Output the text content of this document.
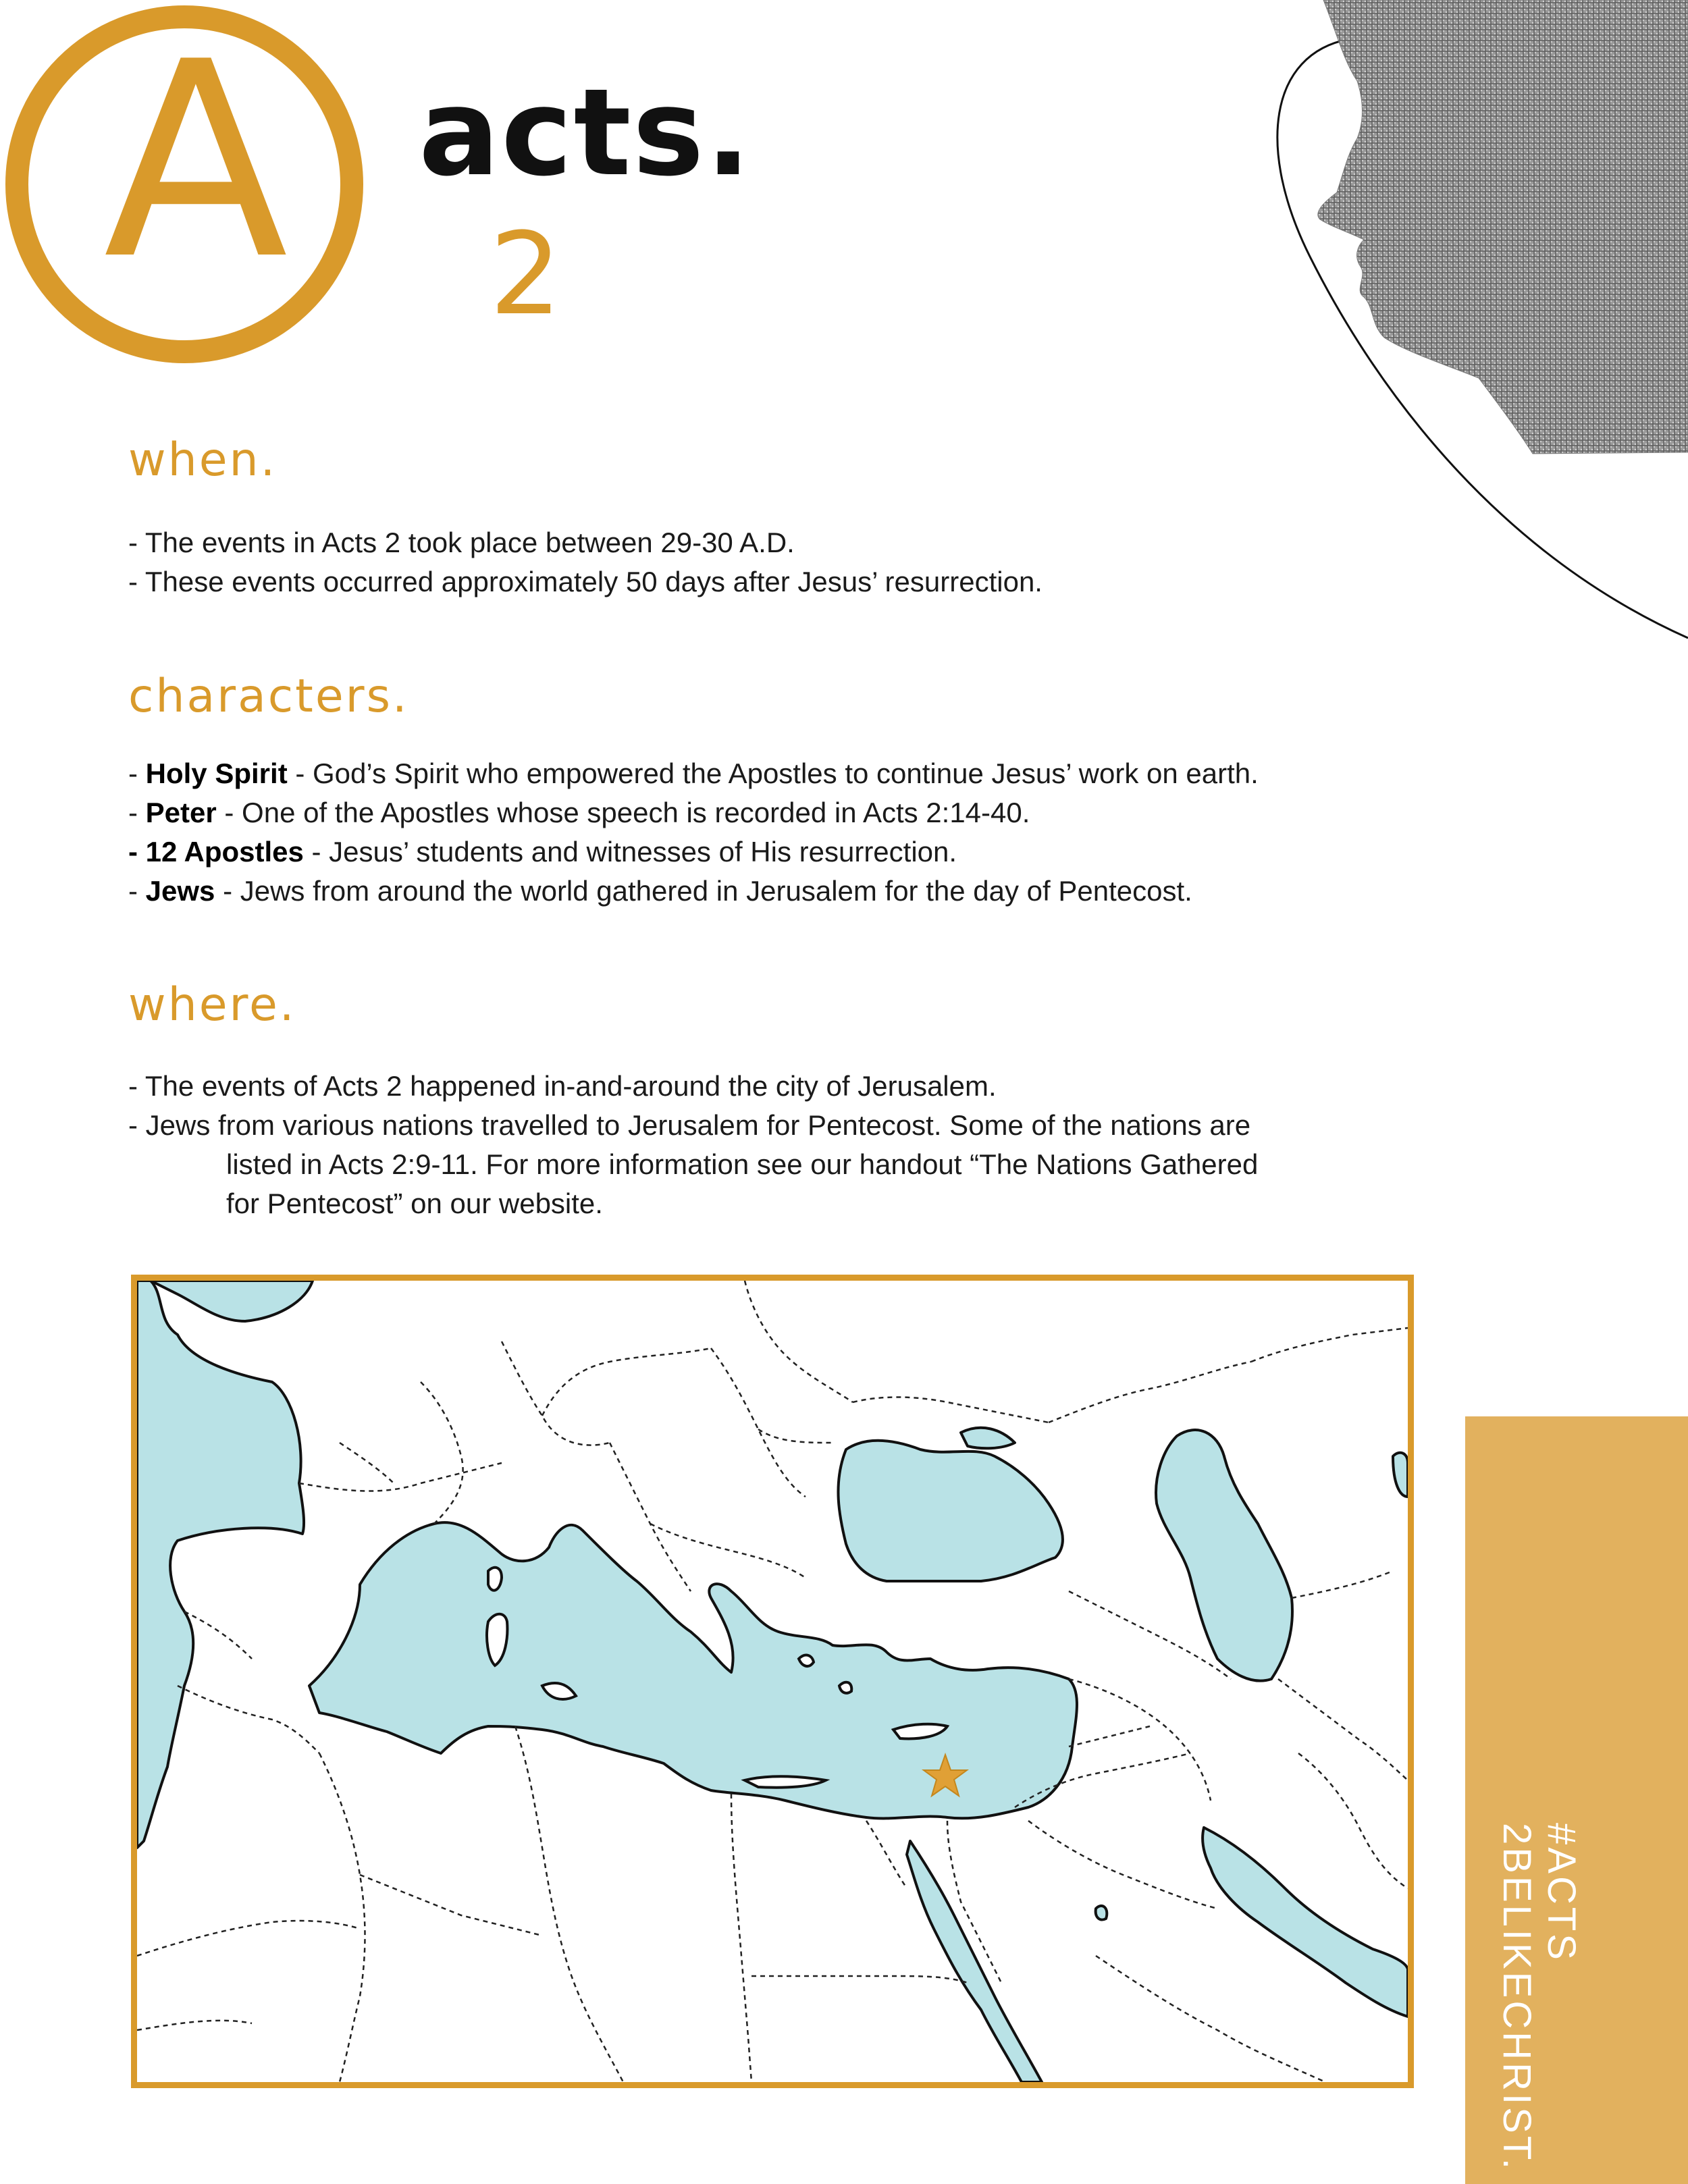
A acts.
2
when.
- The events in Acts 2 took place between 29-30 A.D.
- These events occurred approximately 50 days after Jesus’ resurrection.
characters.
- Holy Spirit - God’s Spirit who empowered the Apostles to continue Jesus’ work on earth.
- Peter - One of the Apostles whose speech is recorded in Acts 2:14-40.
- 12 Apostles - Jesus’ students and witnesses of His resurrection.
- Jews - Jews from around the world gathered in Jerusalem for the day of Pentecost.
where.
- The events of Acts 2 happened in-and-around the city of Jerusalem.
- Jews from various nations travelled to Jerusalem for Pentecost. Some of the nations are
listed in Acts 2:9-11. For more information see our handout “The Nations Gathered
for Pentecost” on our website.
#ACTS
2BELIKECHRIST.
